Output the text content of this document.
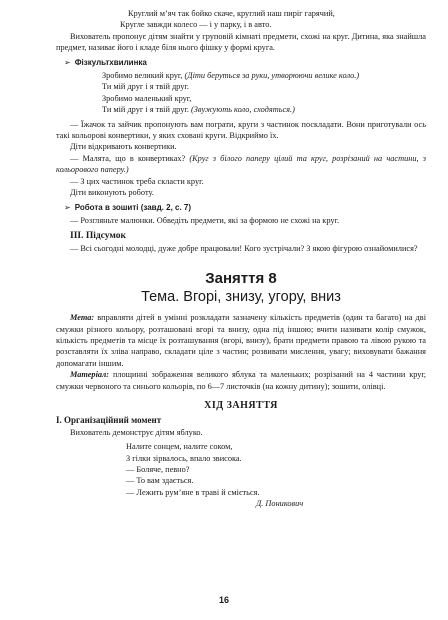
Круглий м’яч так бойко скаче, круглий наш пиріг гарячий,

Кругле завжди колесо — і у парку, і в авто.

Вихователь пропонує дітям знайти у груповій кімнаті предмети, схожі на круг. Дитина, яка знайшла предмет, називає його і кладе біля нього фішку у формі круга.

➢ Фізкультхвилинка

Зробимо великий круг, (Діти беруться за руки, утворюючи велике коло.)

Ти мій друг і я твій друг.

Зробимо маленький круг,

Ти мій друг і я твій друг. (Звужують коло, сходяться.)

— Їжачок та зайчик пропонують вам пограти, круги з частинок поскладати. Вони приготували ось такі кольорові конвертики, у яких сховані круги. Відкриймо їх.

Діти відкривають конвертики.

— Малята, що в конвертиках? (Круг з білого паперу цілий та круг, розрізаний на частини, з кольорового паперу.)

— З цих частинок треба скласти круг.

Діти виконують роботу.

➢ Робота в зошиті (завд. 2, с. 7)

— Розгляньте малюнки. Обведіть предмети, які за формою не схожі на круг.

III. Підсумок

— Всі сьогодні молодці, дуже добре працювали! Кого зустрічали? З якою фігурою ознайомилися?

Заняття 8
Тема. Вгорі, знизу, угору, вниз

Мета: вправляти дітей в умінні розкладати зазначену кількість предметів (один та багато) на дві смужки різного кольору, розташовані вгорі та внизу, одна під іншою; вчити називати колір смужок, кількість предметів та місце їх розташування (вгорі, внизу), брати предмети правою та лівою рукою та розставляти їх зліва направо, складати ціле з частин; розвивати мислення, увагу; виховувати бажання допомагати іншим.

Матеріал: площинні зображення великого яблука та маленьких; розрізаний на 4 частини круг, смужки червоного та синього кольорів, по 6—7 листочків (на кожну дитину); зошити, олівці.

ХІД ЗАНЯТТЯ

І. Організаційний момент

Вихователь демонструє дітям яблуко.

Налите сонцем, налите соком,

З гілки зірвалось, впало звисока.

— Боляче, певно?

— То вам здається.

— Лежить рум’яне в траві й сміється.

Д. Поникович

16
